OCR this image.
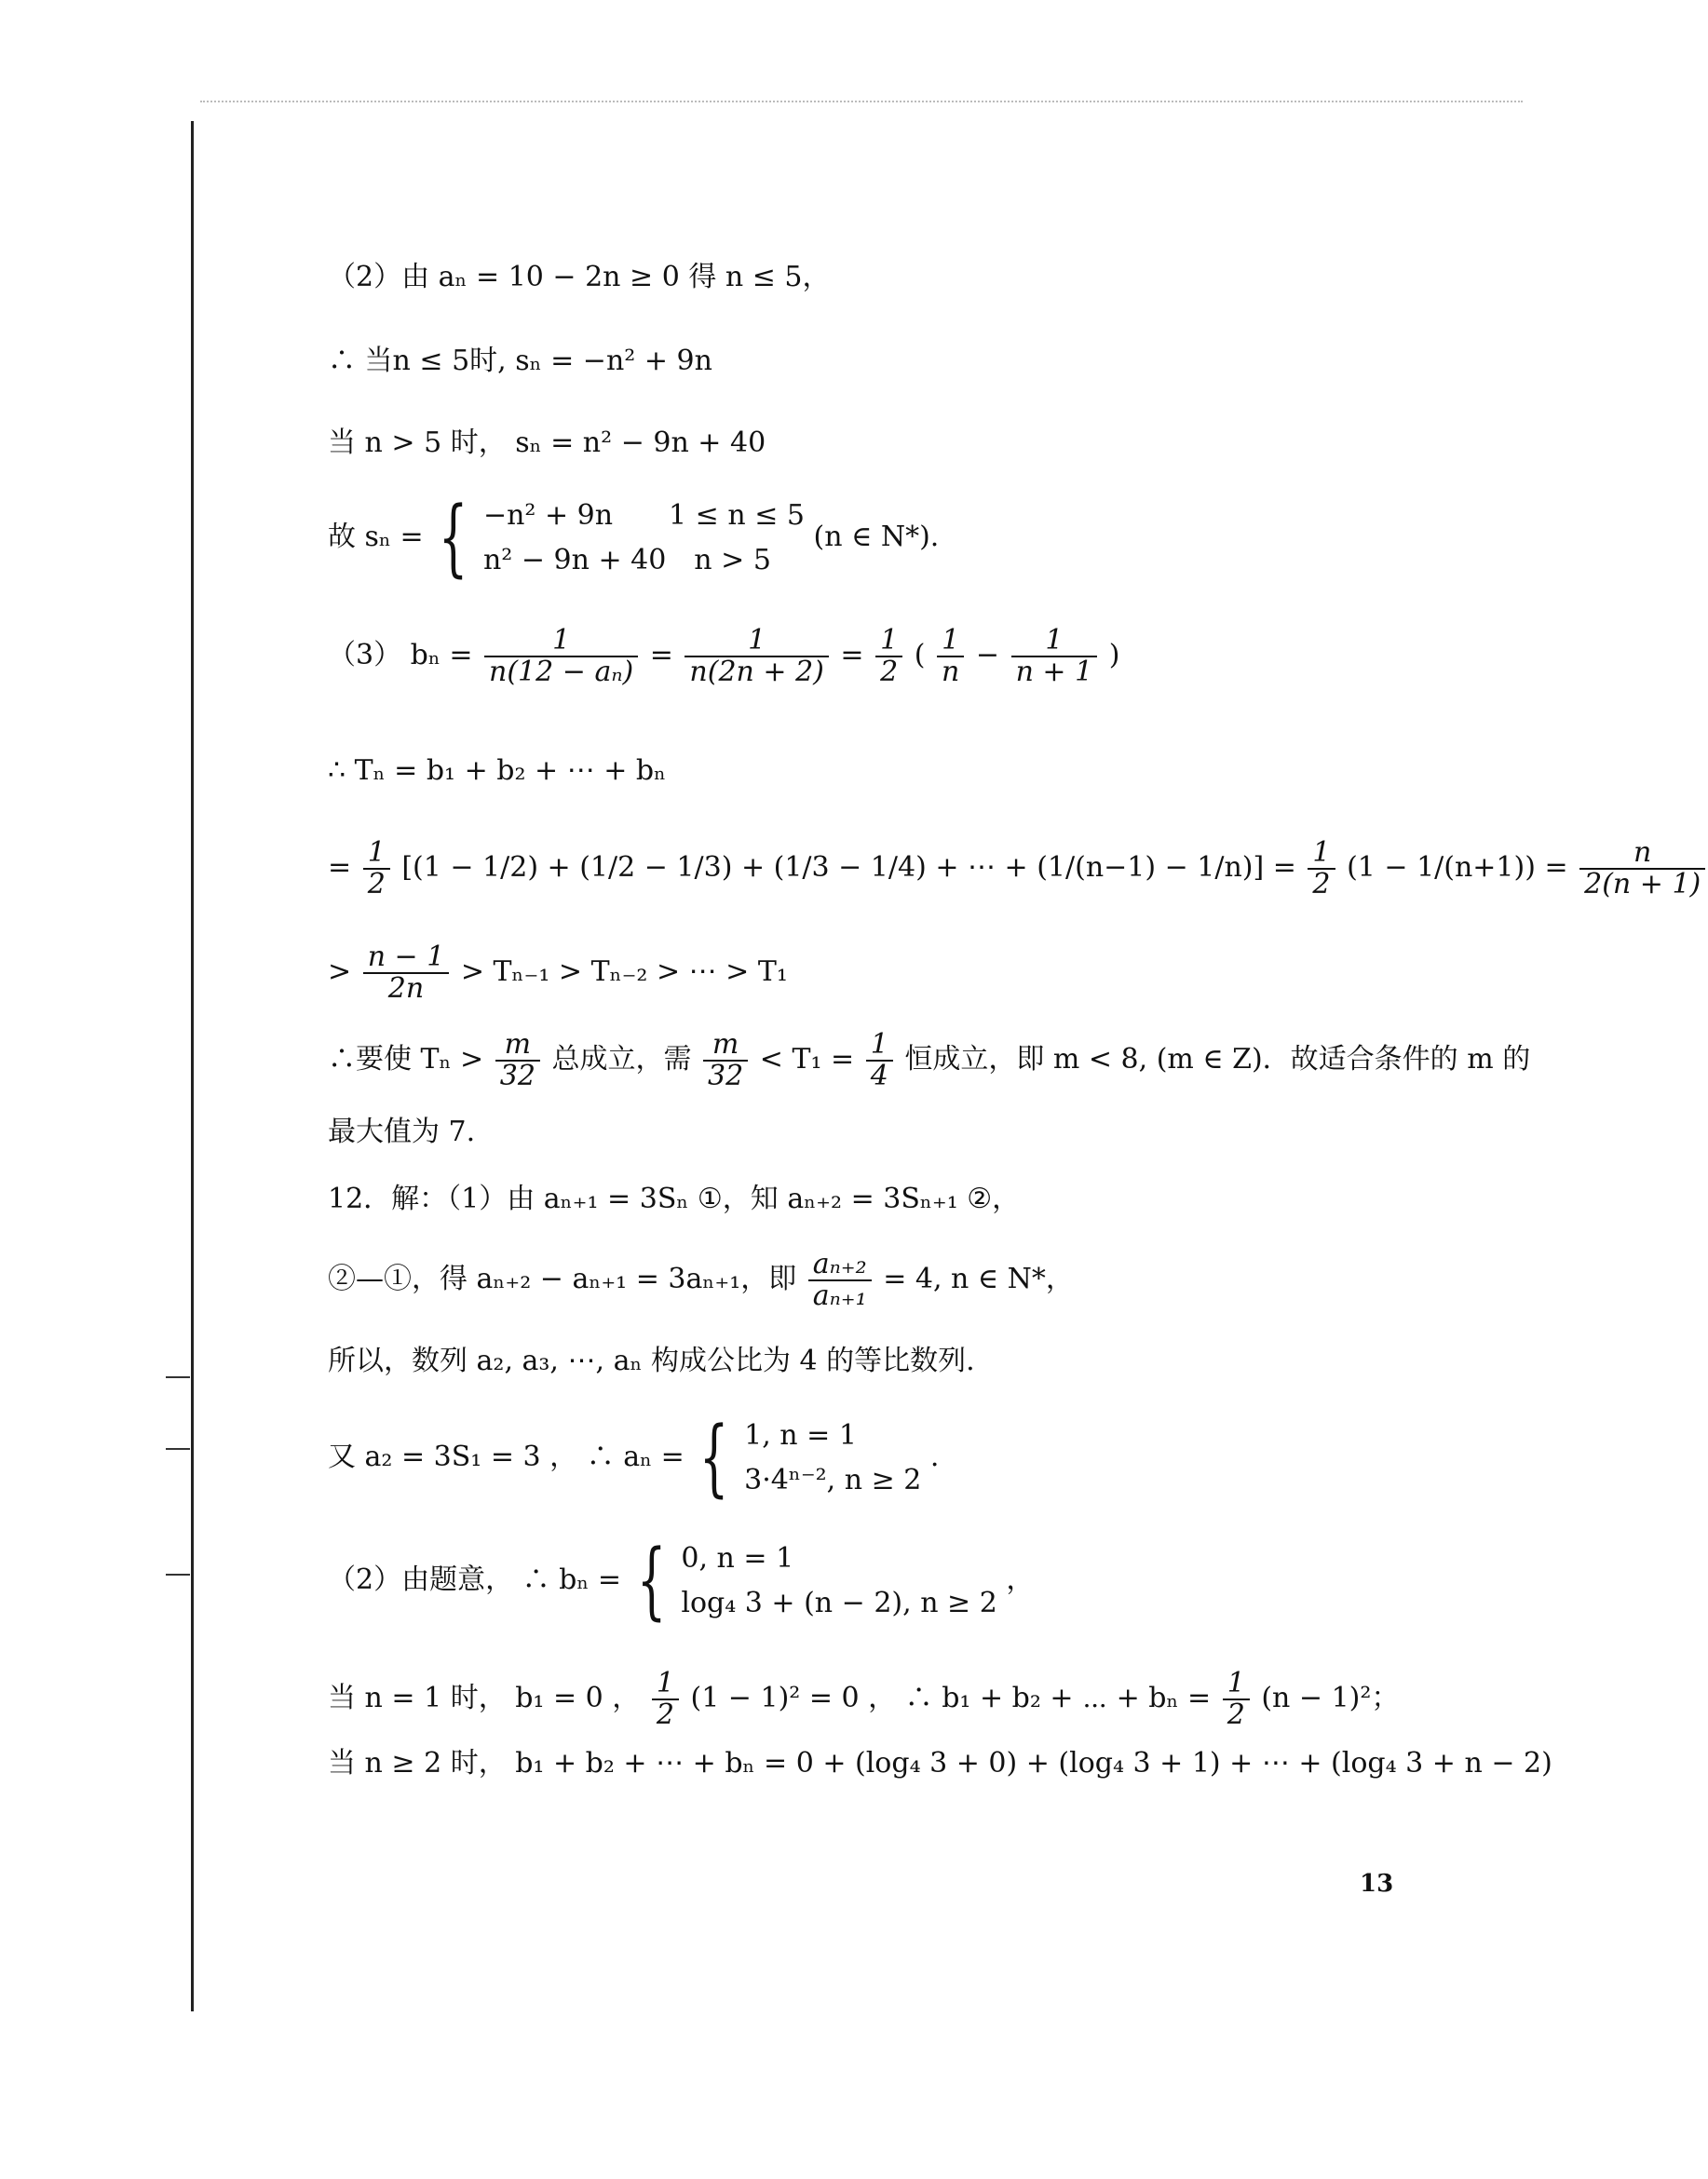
（2）由 aₙ = 10 − 2n ≥ 0 得 n ≤ 5，
∴ 当n ≤ 5时, sₙ = −n² + 9n
当 n > 5 时， sₙ = n² − 9n + 40
故 sₙ = { −n² + 9n　　1 ≤ n ≤ 5
n² − 9n + 40　n > 5
(n ∈ N*).
（3） $b_n = \frac{1}{\text{n(12 − aₙ)}} = \frac{1}{n(2n + 2)} = \frac{1}{2}$ ( $\frac{1}{n} - \frac{1}{n + 1}$ )
∴ Tₙ = b₁ + b₂ + ⋯ + bₙ
= $\frac{1}{2} [(1 - 1/2) + (1/2 - 1/3) + (1/3 - 1/4)$ + ⋯ + $(1/(n-1) - 1/n)] = \frac{1}{2} (1 - 1/(n+1)) = \frac{n}{2(n + 1)}$
> $\frac{n - 1}{2n} > T_{n-1} > T_{n-2}$ > ⋯ > T₁
∴要使 $T_n > \frac{m}{32}$ 总成立，需 $\frac{m}{32} < T_1 = \frac{1}{4}$ 恒成立，即 m < 8, (m ∈ Z)．故适合条件的 m 的
最大值为 7.
12．解：（1）由 aₙ₊₁ = 3Sₙ ①，知 aₙ₊₂ = 3Sₙ₊₁ ②，
②—①，得 aₙ₊₂ − aₙ₊₁ = 3aₙ₊₁，即 $\frac{\text{aₙ₊₂}}{\text{aₙ₊₁}} = 4$, n ∈ N*，
所以，数列 a₂, a₃, ⋯, aₙ 构成公比为 4 的等比数列.
又 a₂ = 3S₁ = 3 ， ∴ aₙ = { 1, n = 1
3·4ⁿ⁻², n ≥ 2
.
（2）由题意， ∴ bₙ = { 0, n = 1
log₄ 3 + (n − 2), n ≥ 2
，
当 n = 1 时， b₁ = 0 ， $\frac{1}{2} (1 - 1)^2 = 0$ ， ∴ b₁ + b₂ + ⋯ + $b_n = \frac{1}{2} (n - 1)^2$；
当 n ≥ 2 时， b₁ + b₂ + ⋯ + bₙ = 0 + (log₄ 3 + 0) + (log₄ 3 + 1) + ⋯ + (log₄ 3 + n − 2)
13
